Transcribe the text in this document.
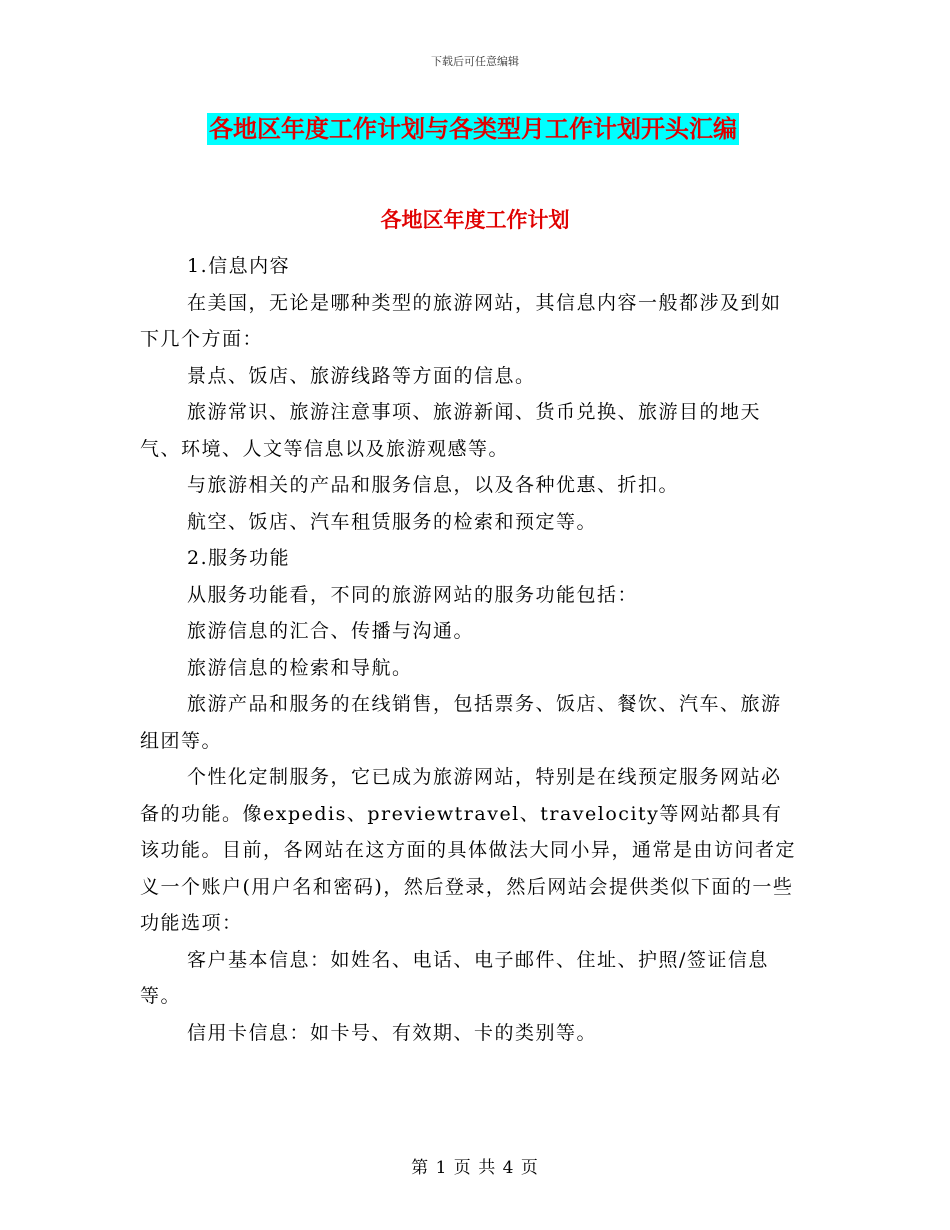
下载后可任意编辑
各地区年度工作计划与各类型月工作计划开头汇编
各地区年度工作计划

1.信息内容

在美国，无论是哪种类型的旅游网站，其信息内容一般都涉及到如下几个方面：

景点、饭店、旅游线路等方面的信息。

旅游常识、旅游注意事项、旅游新闻、货币兑换、旅游目的地天气、环境、人文等信息以及旅游观感等。

与旅游相关的产品和服务信息，以及各种优惠、折扣。

航空、饭店、汽车租赁服务的检索和预定等。

2.服务功能

从服务功能看，不同的旅游网站的服务功能包括：

旅游信息的汇合、传播与沟通。

旅游信息的检索和导航。

旅游产品和服务的在线销售，包括票务、饭店、餐饮、汽车、旅游组团等。

个性化定制服务，它已成为旅游网站，特别是在线预定服务网站必备的功能。像expedis、previewtravel、travelocity等网站都具有该功能。目前，各网站在这方面的具体做法大同小异，通常是由访问者定义一个账户(用户名和密码)，然后登录，然后网站会提供类似下面的一些功能选项：

客户基本信息：如姓名、电话、电子邮件、住址、护照/签证信息等。

信用卡信息：如卡号、有效期、卡的类别等。

第 1 页 共 4 页
